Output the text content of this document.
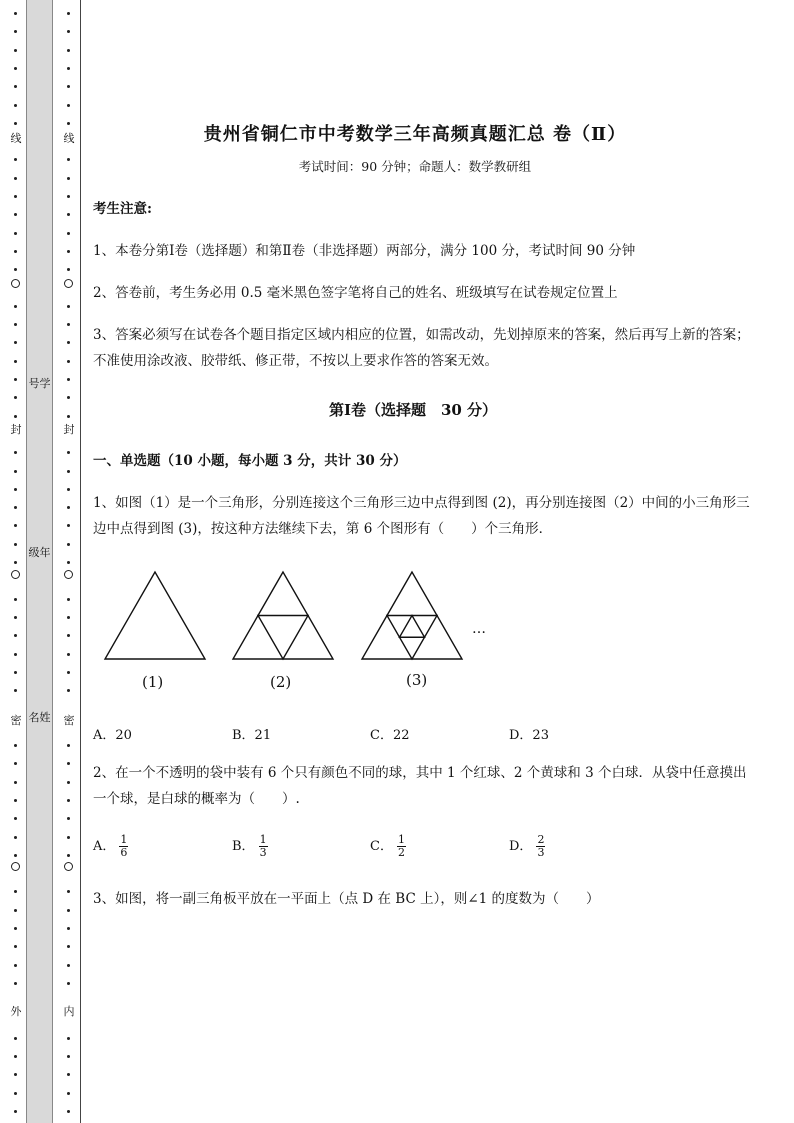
线
封
密
外
号学
级年
名姓
线
封
密
内
贵州省铜仁市中考数学三年高频真题汇总 卷（Ⅱ）
考试时间：90 分钟；命题人：数学教研组
考生注意:
1、本卷分第Ⅰ卷（选择题）和第Ⅱ卷（非选择题）两部分，满分 100 分，考试时间 90 分钟
2、答卷前，考生务必用 0.5 毫米黑色签字笔将自己的姓名、班级填写在试卷规定位置上
3、答案必须写在试卷各个题目指定区域内相应的位置，如需改动，先划掉原来的答案，然后再写上新的答案；不准使用涂改液、胶带纸、修正带，不按以上要求作答的答案无效。
第Ⅰ卷（选择题　30 分）
一、单选题（10 小题，每小题 3 分，共计 30 分）
1、如图（1）是一个三角形，分别连接这个三角形三边中点得到图 (2)，再分别连接图（2）中间的小三角形三边中点得到图 (3)，按这种方法继续下去，第 6 个图形有（　　）个三角形．
…
(1)	(2)	(3)
A．20	B．21	C．22	D．23
2、在一个不透明的袋中装有 6 个只有颜色不同的球，其中 1 个红球、2 个黄球和 3 个白球．从袋中任意摸出一个球，是白球的概率为（　　）.
A． $\frac{1}{6}$	B． $\frac{1}{3}$	C． $\frac{1}{2}$	D． $\frac{2}{3}$
3、如图，将一副三角板平放在一平面上（点 D 在 BC 上），则∠1 的度数为（　　）
